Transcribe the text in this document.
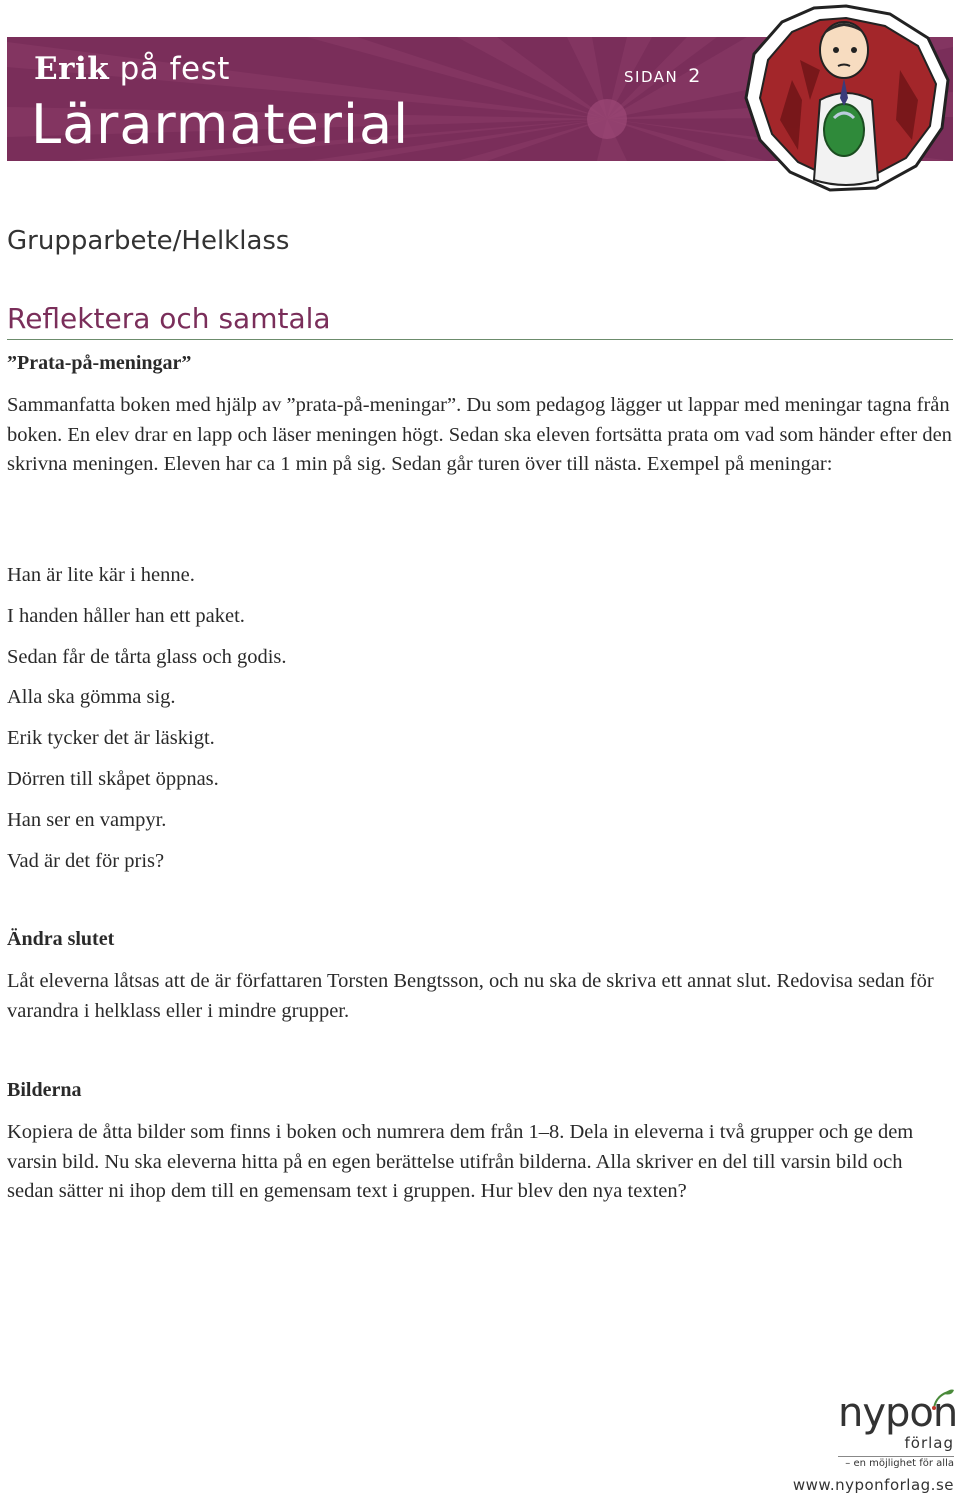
Erik på fest
Lärarmaterial
SIDAN 2
Grupparbete/Helklass
Reflektera och samtala
”Prata-på-meningar”

Sammanfatta boken med hjälp av ”prata-på-meningar”. Du som pedagog lägger ut lappar med meningar tagna från boken. En elev drar en lapp och läser meningen högt. Sedan ska eleven fortsätta prata om vad som händer efter den skrivna meningen. Eleven har ca 1 min på sig. Sedan går turen över till nästa. Exempel på meningar:

Han är lite kär i henne.
I handen håller han ett paket.
Sedan får de tårta glass och godis.
Alla ska gömma sig.
Erik tycker det är läskigt.
Dörren till skåpet öppnas.
Han ser en vampyr.
Vad är det för pris?
Ändra slutet

Låt eleverna låtsas att de är författaren Torsten Bengtsson, och nu ska de skriva ett annat slut. Redovisa sedan för varandra i helklass eller i mindre grupper.

Bilderna

Kopiera de åtta bilder som finns i boken och numrera dem från 1–8. Dela in eleverna i två grupper och ge dem varsin bild. Nu ska eleverna hitta på en egen berättelse utifrån bilderna. Alla skriver en del till varsin bild och sedan sätter ni ihop dem till en gemensam text i gruppen. Hur blev den nya texten?

nypon
förlag
– en möjlighet för alla
www.nyponforlag.se
